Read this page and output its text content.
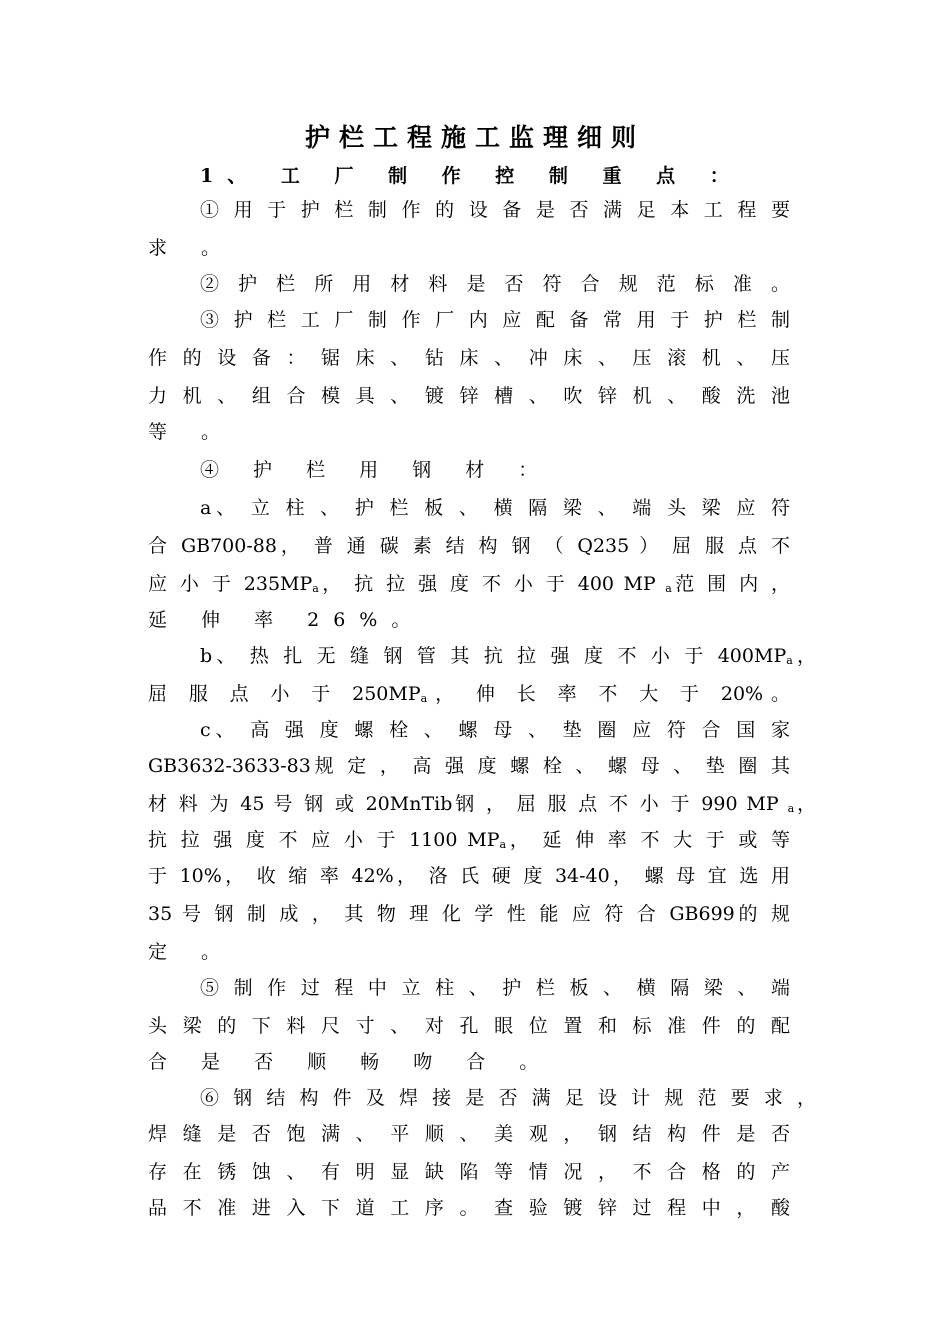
护栏工程施工监理细则
1、 工 厂 制 作 控 制 重 点 ：
① 用 于 护 栏 制 作 的 设 备 是 否 满 足 本 工 程 要
求 。
② 护 栏 所 用 材 料 是 否 符 合 规 范 标 准 。
③ 护 栏 工 厂 制 作 厂 内 应 配 备 常 用 于 护 栏 制
作 的 设 备 ： 锯 床 、 钻 床 、 冲 床 、 压 滚 机 、 压
力 机 、 组 合 模 具 、 镀 锌 槽 、 吹 锌 机 、 酸 洗 池
等 。
④ 护 栏 用 钢 材 ：
a、 立 柱 、 护 栏 板 、 横 隔 梁 、 端 头 梁 应 符
合 GB700-88， 普 通 碳 素 结 构 钢 （ Q235 ） 屈 服 点 不
应 小 于 235MPa， 抗 拉 强 度 不 小 于 400 MP a范 围 内 ，
延 伸 率 26%。
b、 热 扎 无 缝 钢 管 其 抗 拉 强 度 不 小 于 400MPa，
屈 服 点 小 于 250MPa， 伸 长 率 不 大 于 20%。
c、 高 强 度 螺 栓 、 螺 母 、 垫 圈 应 符 合 国 家
GB3632-3633-83规 定 ， 高 强 度 螺 栓 、 螺 母 、 垫 圈 其
材 料 为 45 号 钢 或 20MnTib钢 ， 屈 服 点 不 小 于 990 MP a，
抗 拉 强 度 不 应 小 于 1100 MPa， 延 伸 率 不 大 于 或 等
于 10%， 收 缩 率 42%， 洛 氏 硬 度 34-40， 螺 母 宜 选 用
35 号 钢 制 成 ， 其 物 理 化 学 性 能 应 符 合 GB699的 规
定 。
⑤ 制 作 过 程 中 立 柱 、 护 栏 板 、 横 隔 梁 、 端
头 梁 的 下 料 尺 寸 、 对 孔 眼 位 置 和 标 准 件 的 配
合 是 否 顺 畅 吻 合 。
⑥ 钢 结 构 件 及 焊 接 是 否 满 足 设 计 规 范 要 求 ，
焊 缝 是 否 饱 满 、 平 顺 、 美 观 ， 钢 结 构 件 是 否
存 在 锈 蚀 、 有 明 显 缺 陷 等 情 况 ， 不 合 格 的 产
品 不 准 进 入 下 道 工 序 。 查 验 镀 锌 过 程 中 ， 酸
